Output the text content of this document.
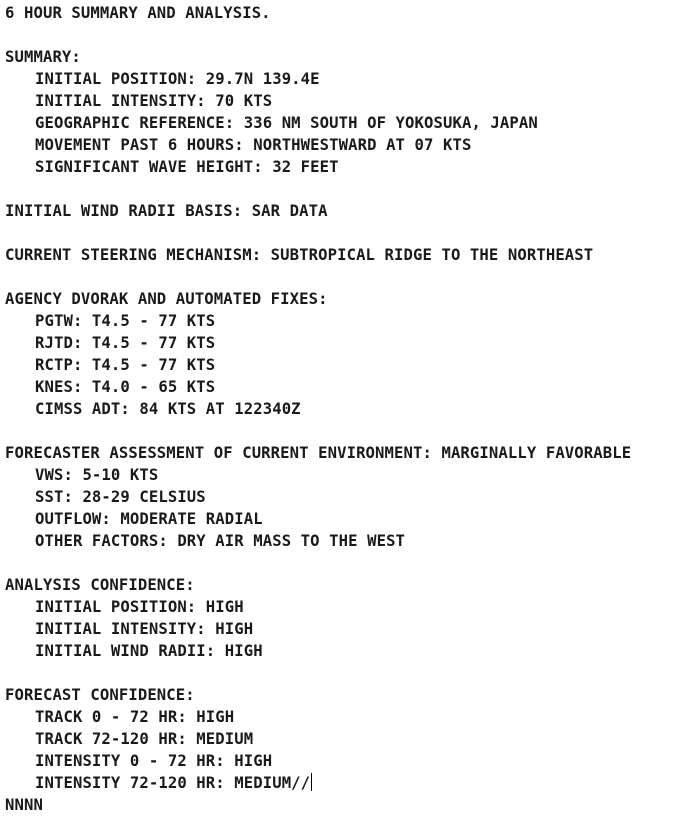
6 HOUR SUMMARY AND ANALYSIS.
SUMMARY:
INITIAL POSITION: 29.7N 139.4E
INITIAL INTENSITY: 70 KTS
GEOGRAPHIC REFERENCE: 336 NM SOUTH OF YOKOSUKA, JAPAN
MOVEMENT PAST 6 HOURS: NORTHWESTWARD AT 07 KTS
SIGNIFICANT WAVE HEIGHT: 32 FEET
INITIAL WIND RADII BASIS: SAR DATA
CURRENT STEERING MECHANISM: SUBTROPICAL RIDGE TO THE NORTHEAST
AGENCY DVORAK AND AUTOMATED FIXES:
PGTW: T4.5 - 77 KTS
RJTD: T4.5 - 77 KTS
RCTP: T4.5 - 77 KTS
KNES: T4.0 - 65 KTS
CIMSS ADT: 84 KTS AT 122340Z
FORECASTER ASSESSMENT OF CURRENT ENVIRONMENT: MARGINALLY FAVORABLE
VWS: 5-10 KTS
SST: 28-29 CELSIUS
OUTFLOW: MODERATE RADIAL
OTHER FACTORS: DRY AIR MASS TO THE WEST
ANALYSIS CONFIDENCE:
INITIAL POSITION: HIGH
INITIAL INTENSITY: HIGH
INITIAL WIND RADII: HIGH
FORECAST CONFIDENCE:
TRACK 0 - 72 HR: HIGH
TRACK 72-120 HR: MEDIUM
INTENSITY 0 - 72 HR: HIGH
INTENSITY 72-120 HR: MEDIUM//
NNNN
